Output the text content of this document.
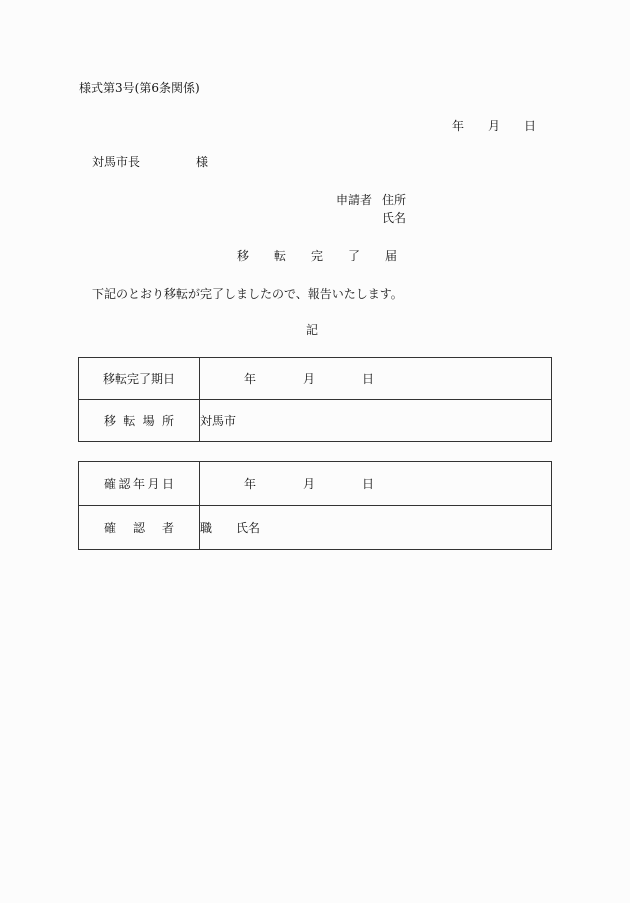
様式第3号(第6条関係)
年 月 日
対馬市長	様
申請者 住所
氏名
移 転 完 了 届
下記のとおり移転が完了しましたので、報告いたします。
記
移転完了期日	年 月 日

移 転 場 所	対馬市
確 認 年 月 日	年 月 日

確 認 者	職 氏名
